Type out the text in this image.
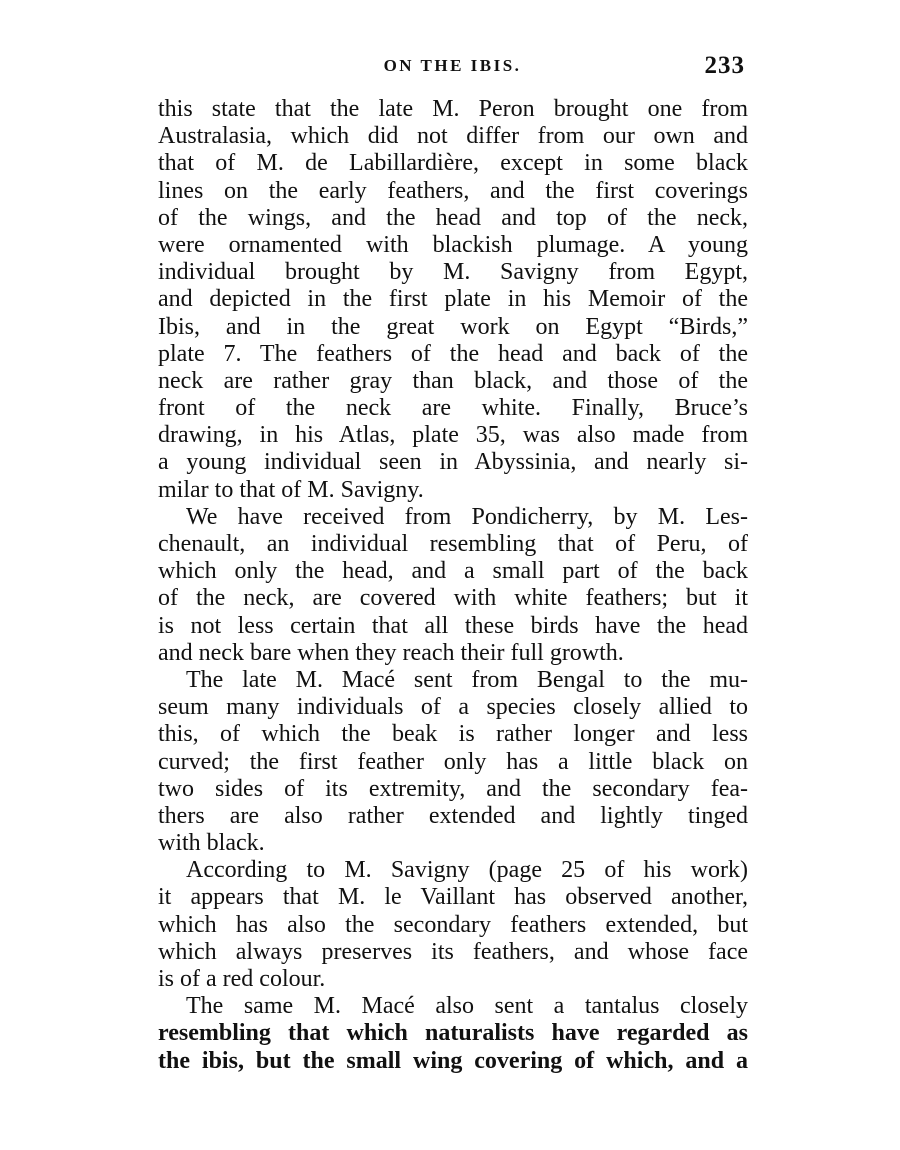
ON THE IBIS.	233
this state that the late M. Peron brought one from
Australasia, which did not differ from our own and
that of M. de Labillardière, except in some black
lines on the early feathers, and the first coverings
of the wings, and the head and top of the neck,
were ornamented with blackish plumage. A young
individual brought by M. Savigny from Egypt,
and depicted in the first plate in his Memoir of the
Ibis, and in the great work on Egypt “Birds,”
plate 7. The feathers of the head and back of the
neck are rather gray than black, and those of the
front of the neck are white. Finally, Bruce’s
drawing, in his Atlas, plate 35, was also made from
a young individual seen in Abyssinia, and nearly si-
milar to that of M. Savigny.
We have received from Pondicherry, by M. Les-
chenault, an individual resembling that of Peru, of
which only the head, and a small part of the back
of the neck, are covered with white feathers; but it
is not less certain that all these birds have the head
and neck bare when they reach their full growth.
The late M. Macé sent from Bengal to the mu-
seum many individuals of a species closely allied to
this, of which the beak is rather longer and less
curved; the first feather only has a little black on
two sides of its extremity, and the secondary fea-
thers are also rather extended and lightly tinged
with black.
According to M. Savigny (page 25 of his work)
it appears that M. le Vaillant has observed another,
which has also the secondary feathers extended, but
which always preserves its feathers, and whose face
is of a red colour.
The same M. Macé also sent a tantalus closely
resembling that which naturalists have regarded as
the ibis, but the small wing covering of which, and a
